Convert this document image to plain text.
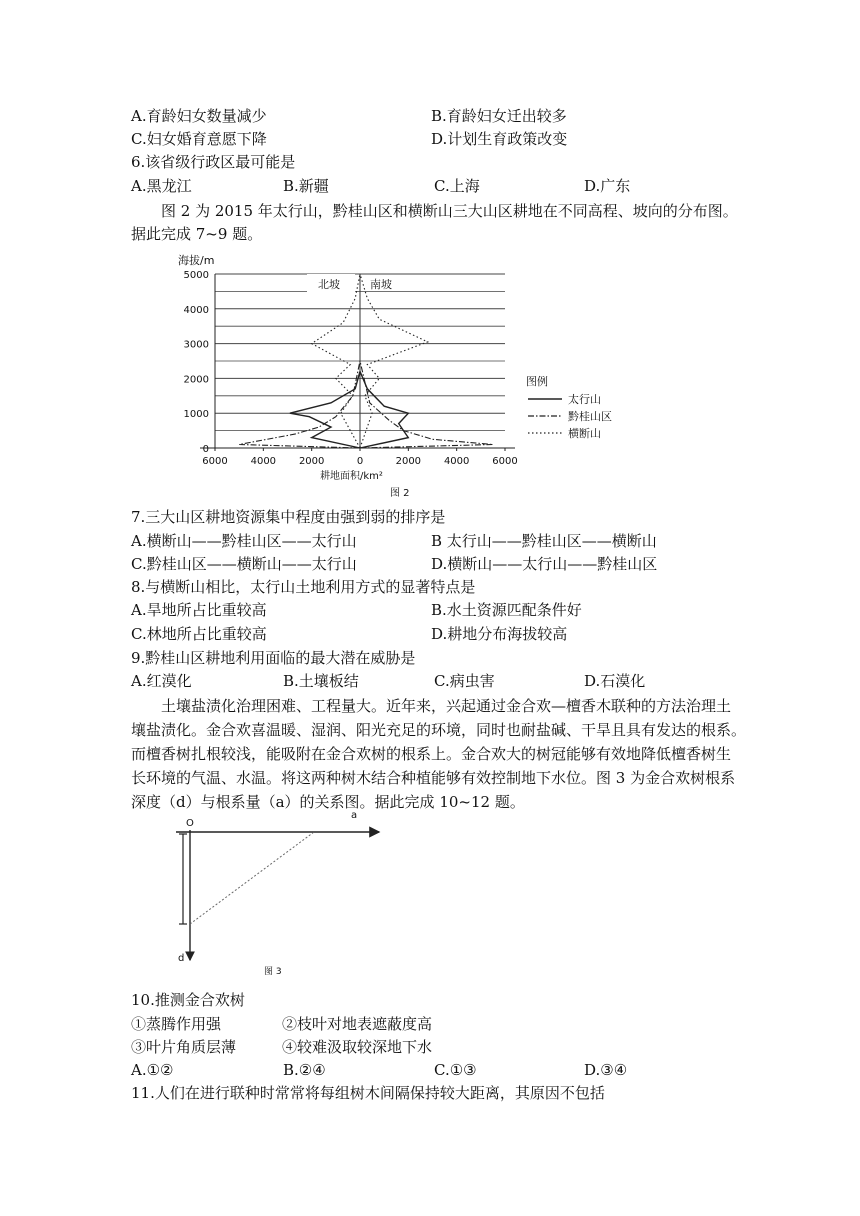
A.育龄妇女数量减少	B.育龄妇女迁出较多
C.妇女婚育意愿下降	D.计划生育政策改变
6.该省级行政区最可能是
A.黑龙江	B.新疆	C.上海	D.广东
图 2 为 2015 年太行山，黔桂山区和横断山三大山区耕地在不同高程、坡向的分布图。
据此完成 7~9 题。
海拔/m
5000
4000
3000
2000
1000
0
6000 4000 2000	0	2000 4000 6000
北坡	南坡
耕地面积/km²
图 2
图例
太行山
黔桂山区
横断山
7.三大山区耕地资源集中程度由强到弱的排序是
A.横断山——黔桂山区——太行山	B 太行山——黔桂山区——横断山
C.黔桂山区——横断山——太行山	D.横断山——太行山——黔桂山区
8.与横断山相比，太行山土地利用方式的显著特点是
A.旱地所占比重较高	B.水土资源匹配条件好
C.林地所占比重较高	D.耕地分布海拔较高
9.黔桂山区耕地利用面临的最大潜在威胁是
A.红漠化	B.土壤板结	C.病虫害	D.石漠化
土壤盐渍化治理困难、工程量大。近年来，兴起通过金合欢—檀香木联种的方法治理土
壤盐渍化。金合欢喜温暖、湿润、阳光充足的环境，同时也耐盐碱、干旱且具有发达的根系。
而檀香树扎根较浅，能吸附在金合欢树的根系上。金合欢大的树冠能够有效地降低檀香树生
长环境的气温、水温。将这两种树木结合种植能够有效控制地下水位。图 3 为金合欢树根系
深度（d）与根系量（a）的关系图。据此完成 10~12 题。
O
a
d
图 3
10.推测金合欢树
①蒸腾作用强	②枝叶对地表遮蔽度高
③叶片角质层薄	④较难汲取较深地下水
A.①②	B.②④	C.①③	D.③④
11.人们在进行联种时常常将每组树木间隔保持较大距离，其原因不包括
